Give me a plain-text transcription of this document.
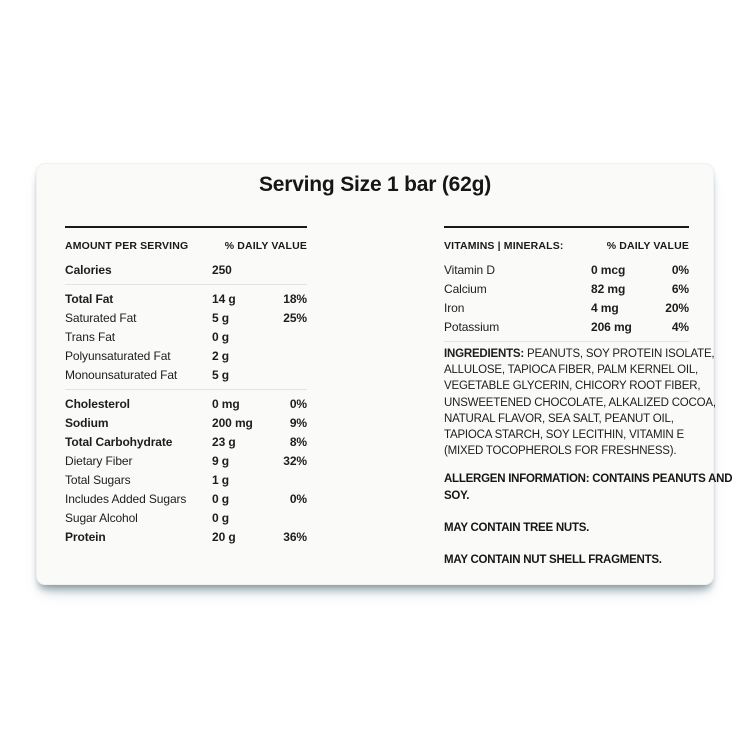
Serving Size 1 bar (62g)
AMOUNT PER SERVING	% DAILY VALUE
Calories	250
Total Fat	14 g	18%
Saturated Fat	5 g	25%
Trans Fat	0 g
Polyunsaturated Fat	2 g
Monounsaturated Fat	5 g
Cholesterol	0 mg	0%
Sodium	200 mg	9%
Total Carbohydrate	23 g	8%
Dietary Fiber	9 g	32%
Total Sugars	1 g
Includes Added Sugars	0 g	0%
Sugar Alcohol	0 g
Protein	20 g	36%
VITAMINS | MINERALS:	% DAILY VALUE
Vitamin D	0 mcg	0%
Calcium	82 mg	6%
Iron	4 mg	20%
Potassium	206 mg	4%
INGREDIENTS: PEANUTS, SOY PROTEIN ISOLATE,
ALLULOSE, TAPIOCA FIBER, PALM KERNEL OIL,
VEGETABLE GLYCERIN, CHICORY ROOT FIBER,
UNSWEETENED CHOCOLATE, ALKALIZED COCOA,
NATURAL FLAVOR, SEA SALT, PEANUT OIL,
TAPIOCA STARCH, SOY LECITHIN, VITAMIN E
(MIXED TOCOPHEROLS FOR FRESHNESS).
ALLERGEN INFORMATION: CONTAINS PEANUTS AND
SOY.
MAY CONTAIN TREE NUTS.
MAY CONTAIN NUT SHELL FRAGMENTS.
